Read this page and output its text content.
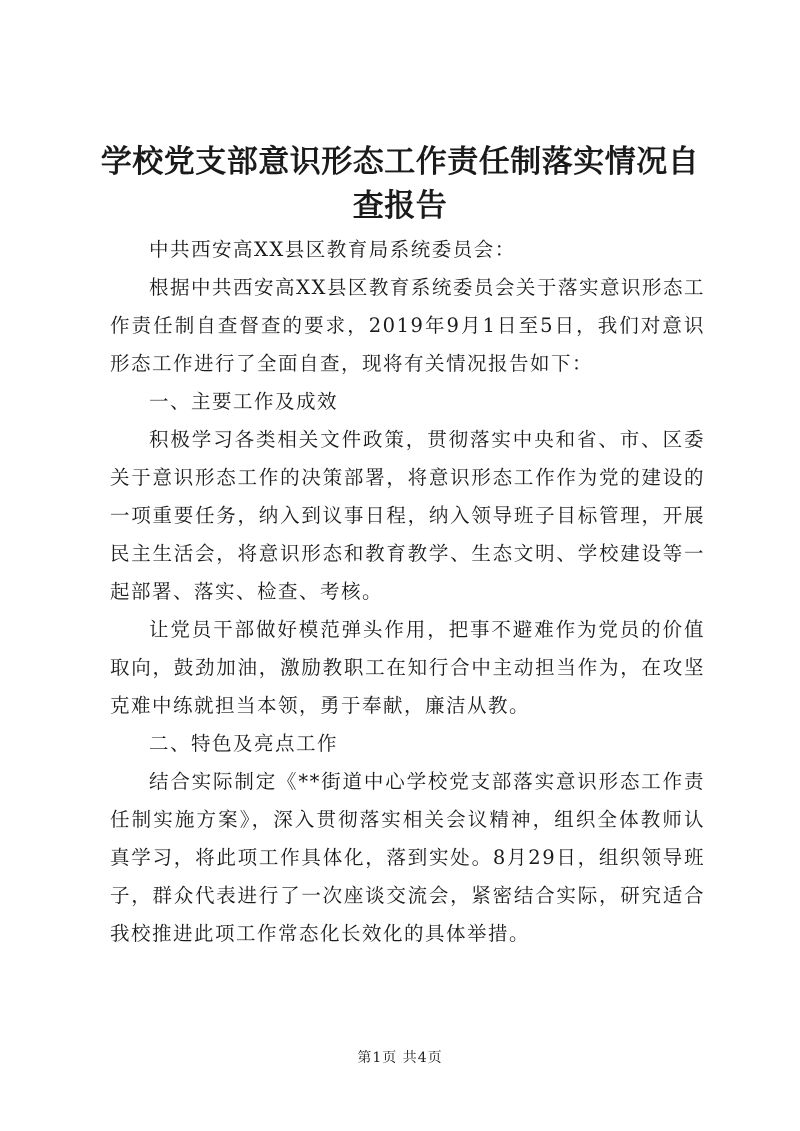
学校党支部意识形态工作责任制落实情况自查报告

中共西安高XX县区教育局系统委员会：

根据中共西安高XX县区教育系统委员会关于落实意识形态工作责任制自查督查的要求，2019年9月1日至5日，我们对意识形态工作进行了全面自查，现将有关情况报告如下：

一、主要工作及成效

积极学习各类相关文件政策，贯彻落实中央和省、市、区委关于意识形态工作的决策部署，将意识形态工作作为党的建设的一项重要任务，纳入到议事日程，纳入领导班子目标管理，开展民主生活会，将意识形态和教育教学、生态文明、学校建设等一起部署、落实、检查、考核。

让党员干部做好模范弹头作用，把事不避难作为党员的价值取向，鼓劲加油，激励教职工在知行合中主动担当作为，在攻坚克难中练就担当本领，勇于奉献，廉洁从教。

二、特色及亮点工作

结合实际制定《**街道中心学校党支部落实意识形态工作责任制实施方案》，深入贯彻落实相关会议精神，组织全体教师认真学习，将此项工作具体化，落到实处。8月29日，组织领导班子，群众代表进行了一次座谈交流会，紧密结合实际，研究适合我校推进此项工作常态化长效化的具体举措。

第1页 共4页
